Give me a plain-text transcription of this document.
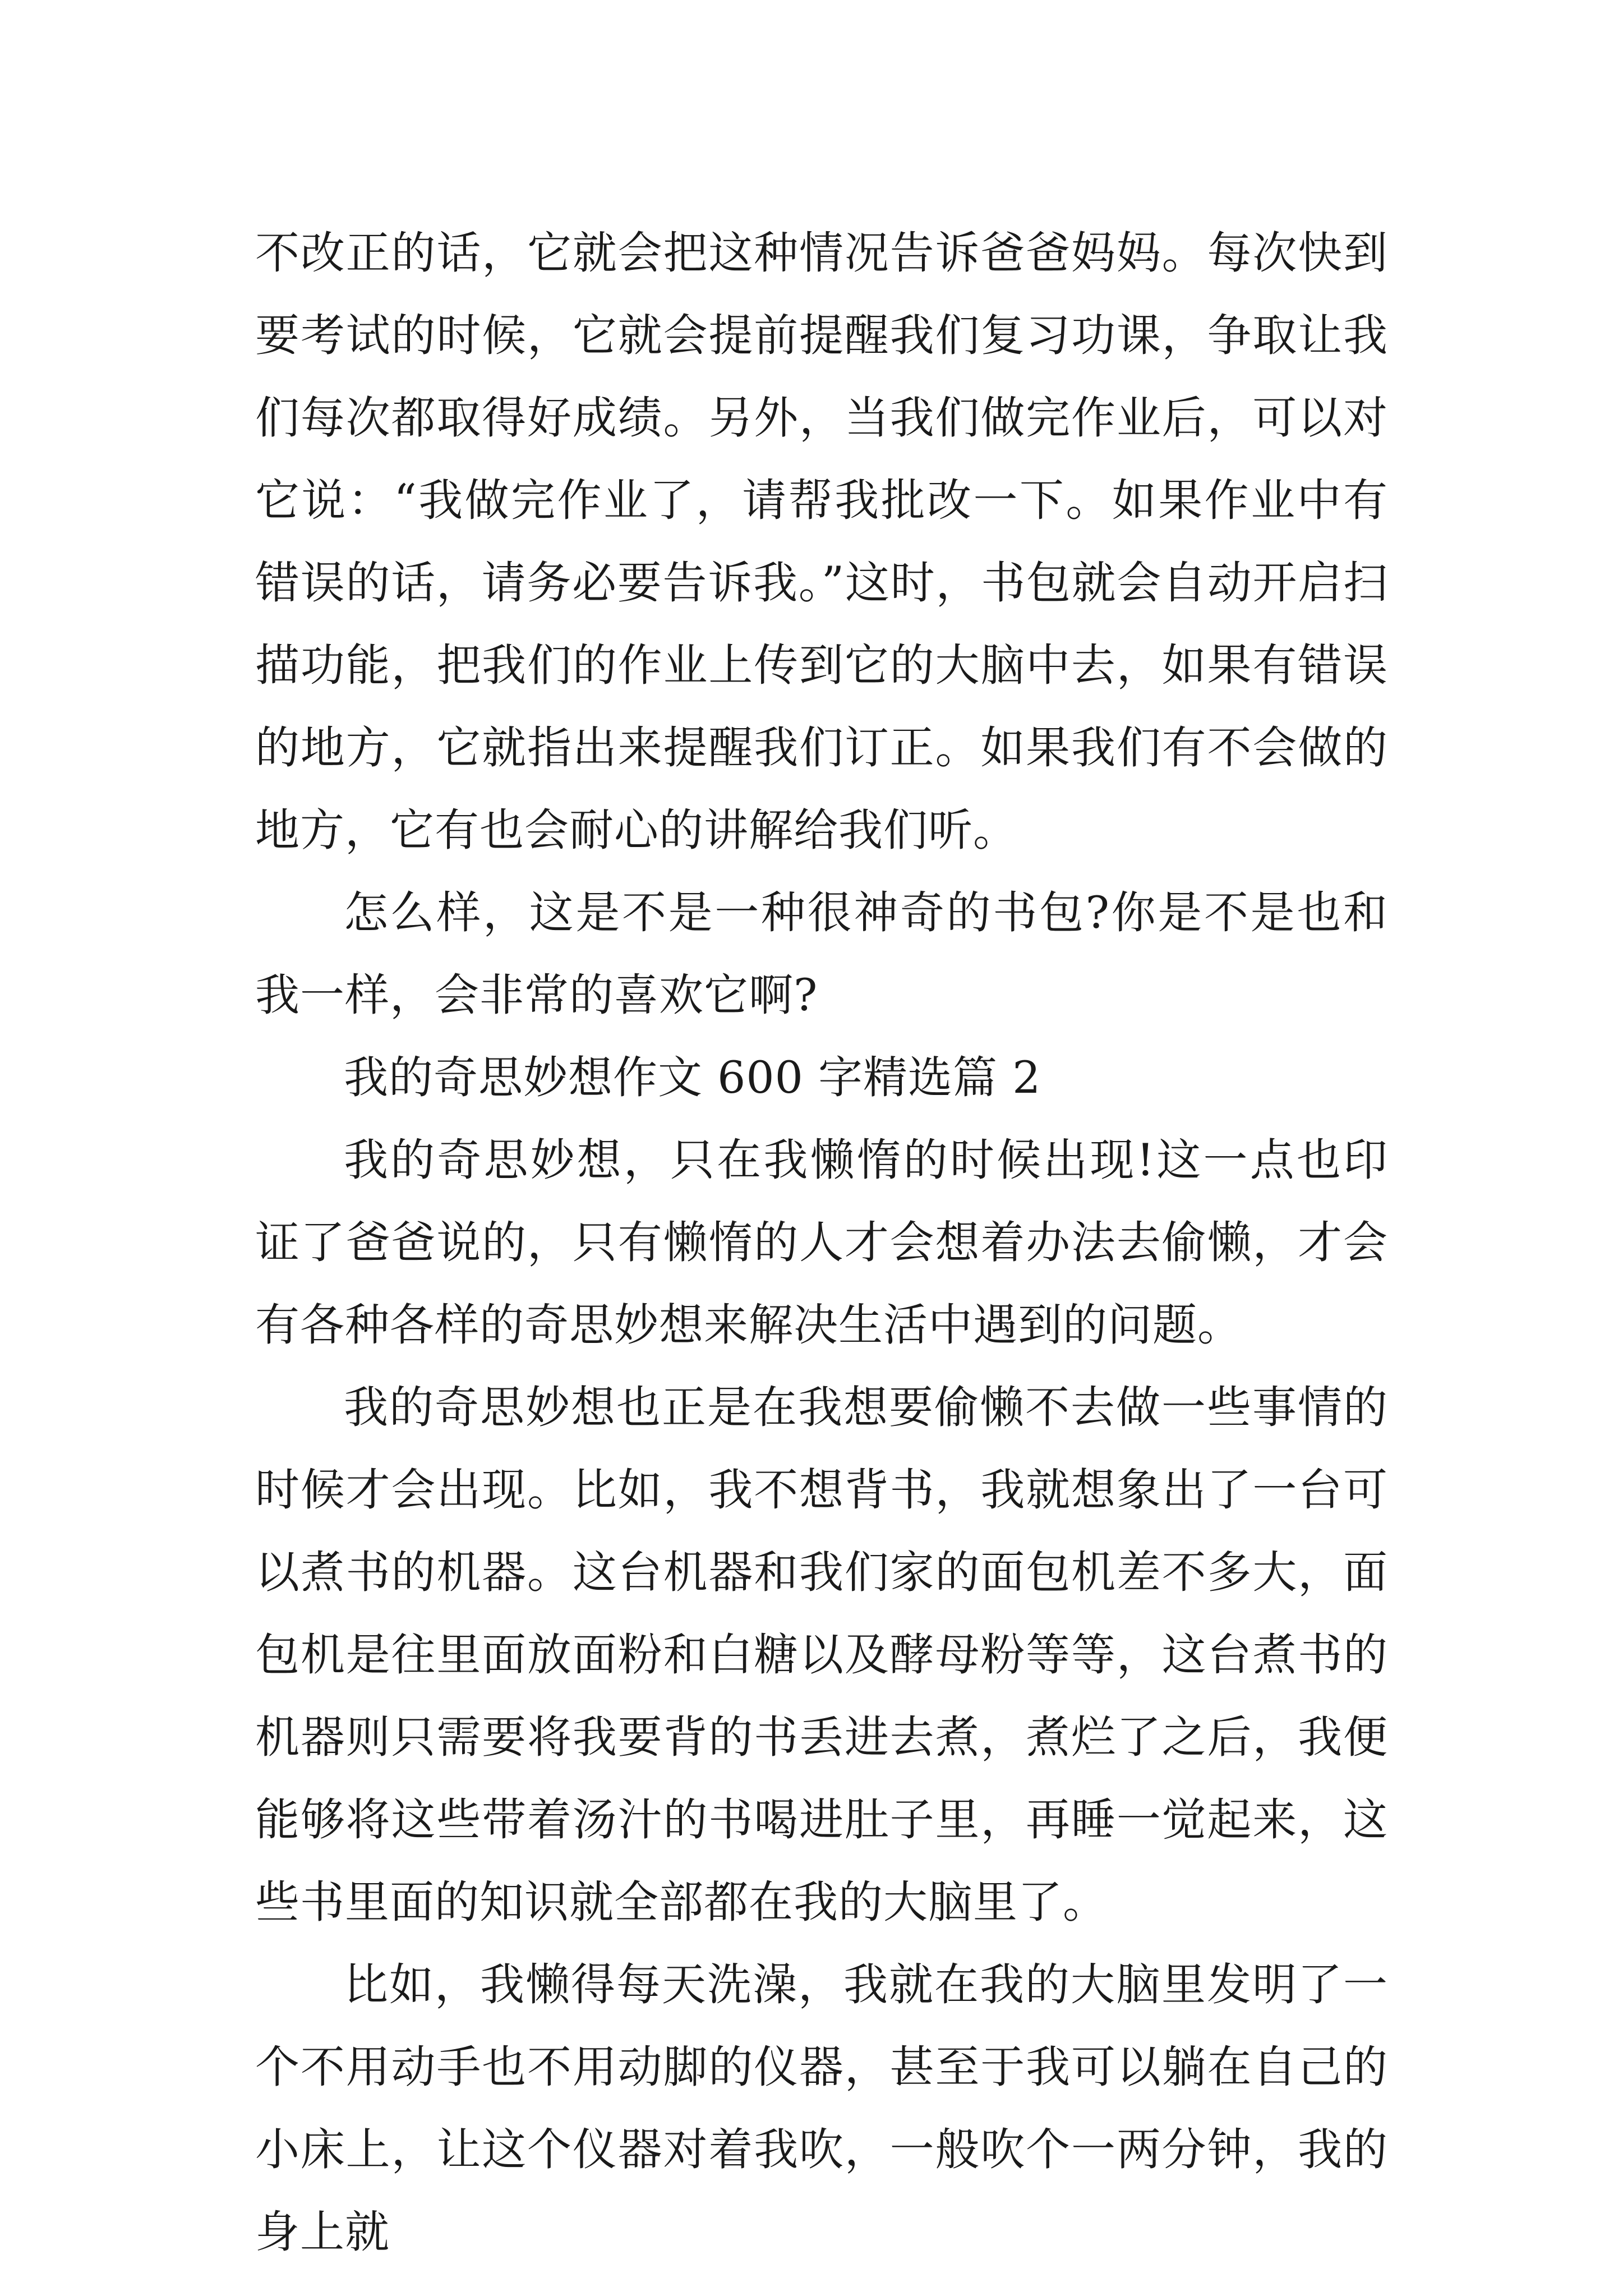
不改正的话，它就会把这种情况告诉爸爸妈妈。每次快到要考试的时候，它就会提前提醒我们复习功课，争取让我们每次都取得好成绩。另外，当我们做完作业后，可以对它说：“我做完作业了，请帮我批改一下。如果作业中有错误的话，请务必要告诉我。”这时，书包就会自动开启扫描功能，把我们的作业上传到它的大脑中去，如果有错误的地方，它就指出来提醒我们订正。如果我们有不会做的地方，它有也会耐心的讲解给我们听。

怎么样，这是不是一种很神奇的书包?你是不是也和我一样，会非常的喜欢它啊?

我的奇思妙想作文 600 字精选篇 2

我的奇思妙想，只在我懒惰的时候出现!这一点也印证了爸爸说的，只有懒惰的人才会想着办法去偷懒，才会有各种各样的奇思妙想来解决生活中遇到的问题。

我的奇思妙想也正是在我想要偷懒不去做一些事情的时候才会出现。比如，我不想背书，我就想象出了一台可以煮书的机器。这台机器和我们家的面包机差不多大，面包机是往里面放面粉和白糖以及酵母粉等等，这台煮书的机器则只需要将我要背的书丢进去煮，煮烂了之后，我便能够将这些带着汤汁的书喝进肚子里，再睡一觉起来，这些书里面的知识就全部都在我的大脑里了。

比如，我懒得每天洗澡，我就在我的大脑里发明了一个不用动手也不用动脚的仪器，甚至于我可以躺在自己的小床上，让这个仪器对着我吹，一般吹个一两分钟，我的身上就
